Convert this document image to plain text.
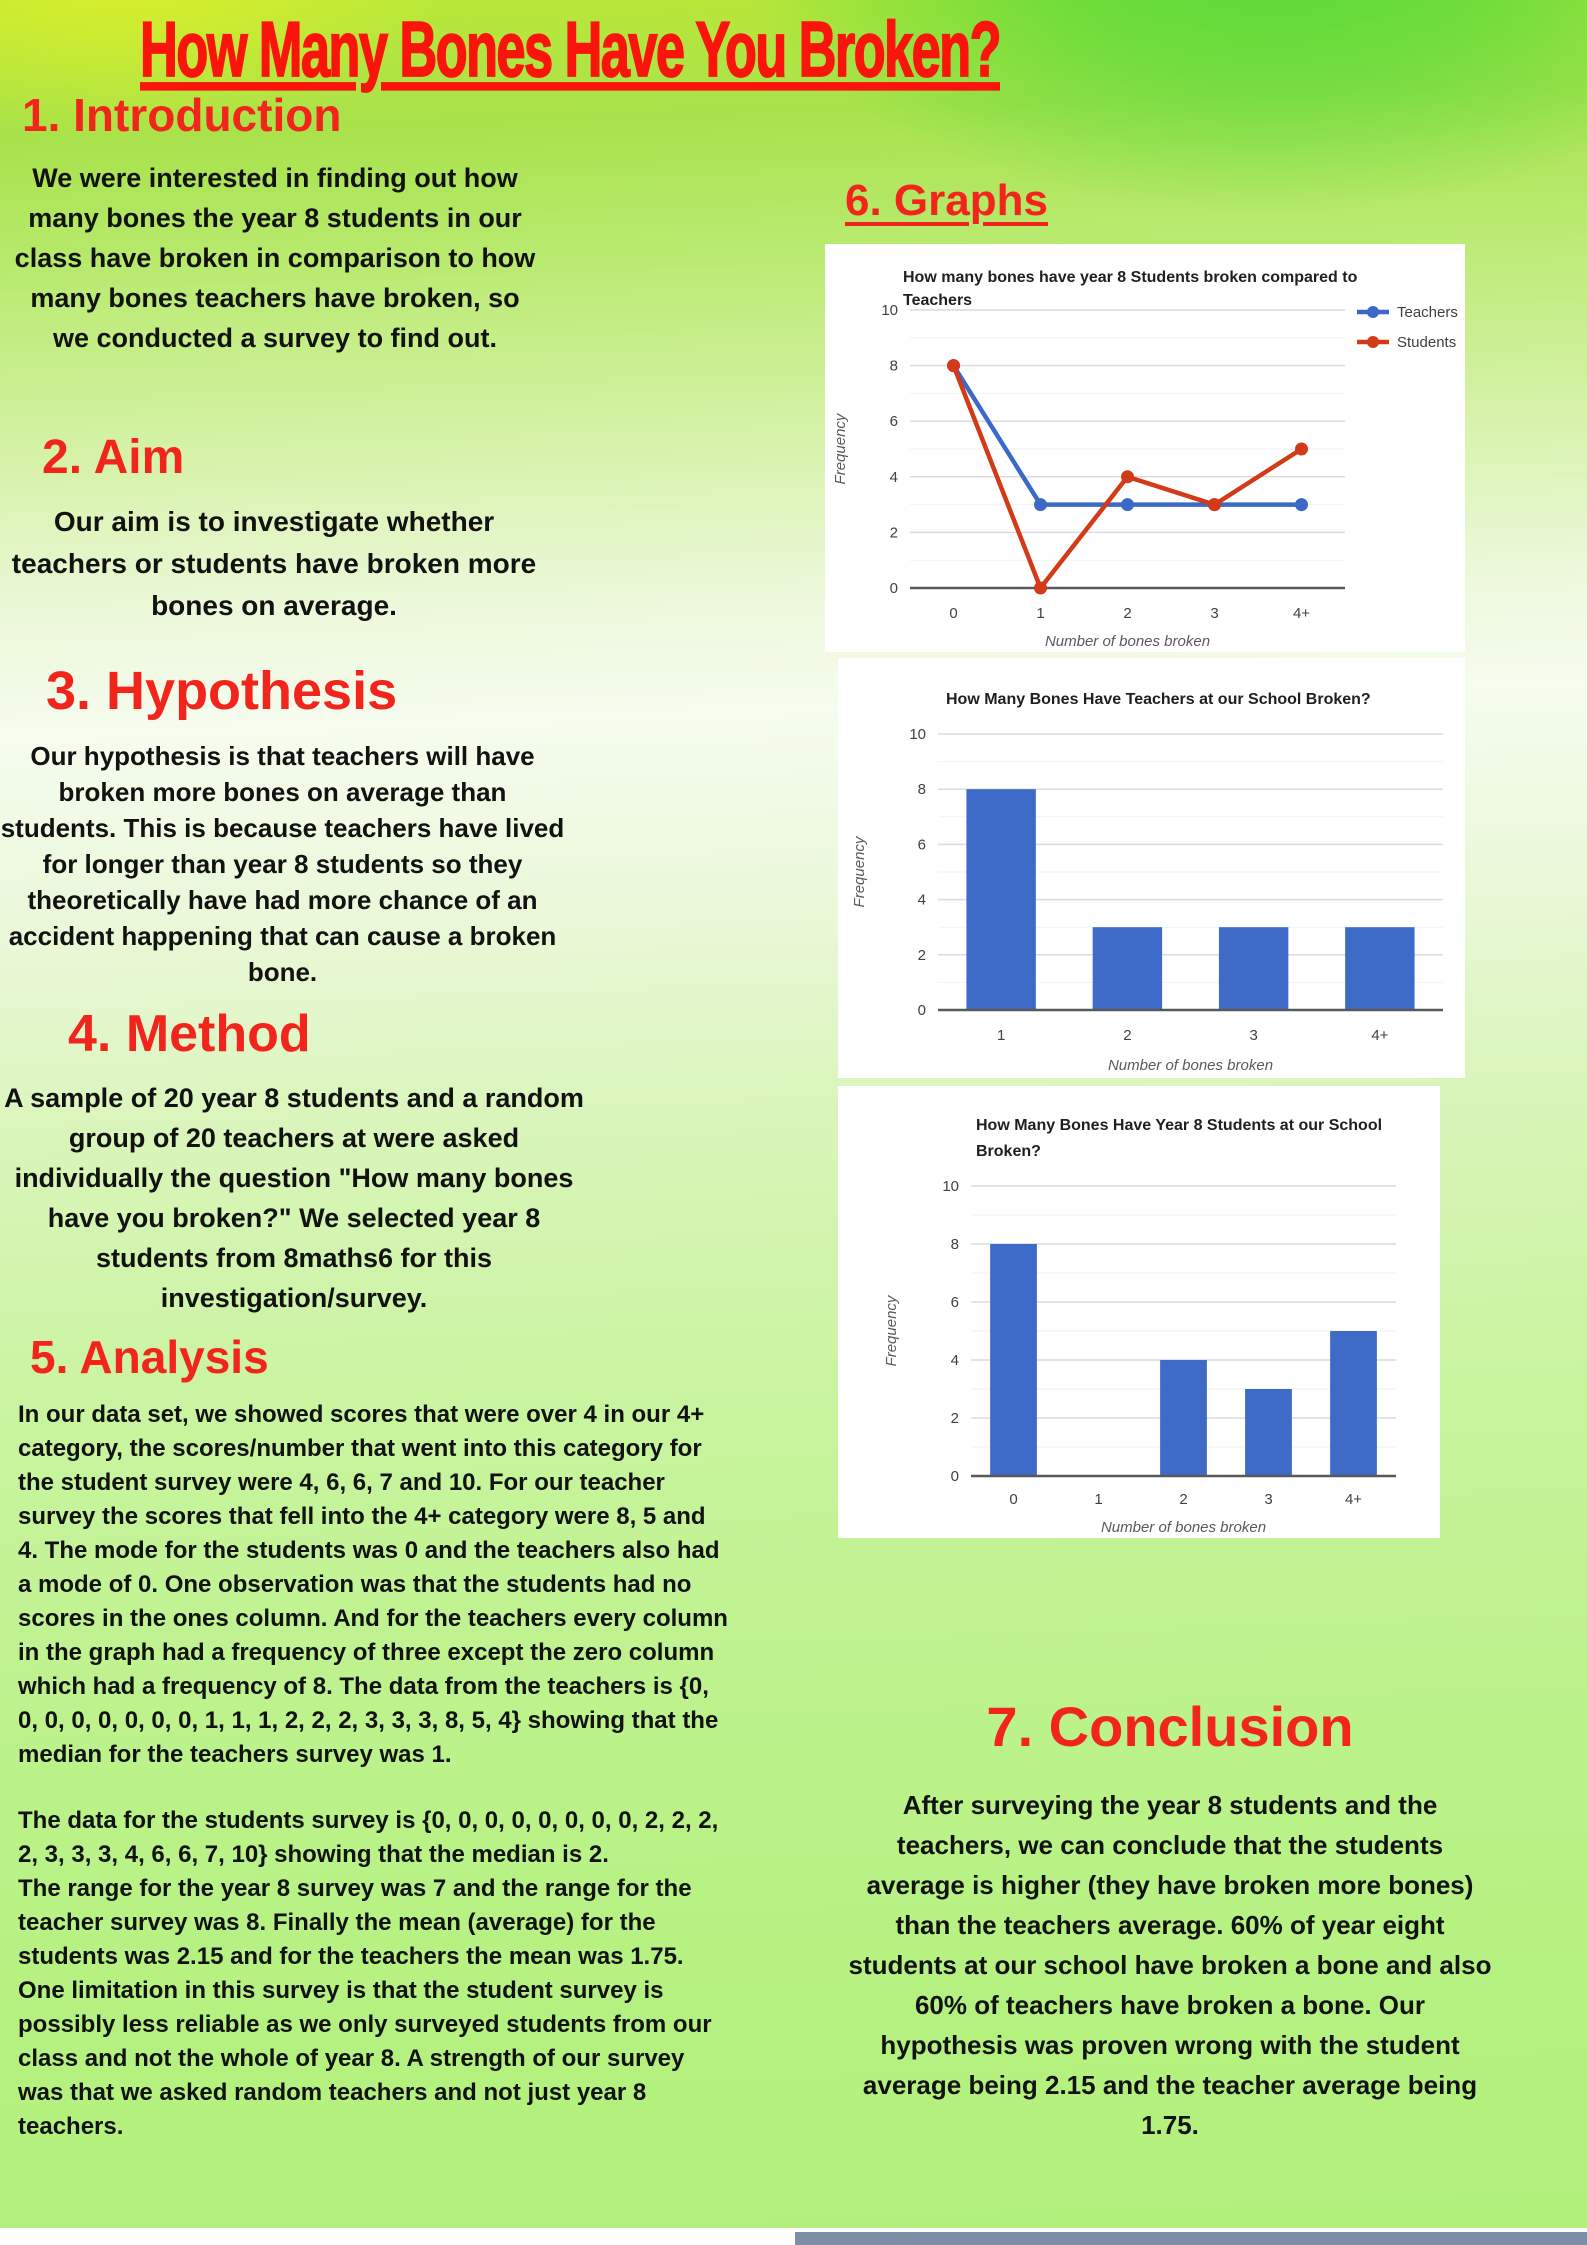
How Many Bones Have You Broken?
1. Introduction

We were interested in finding out how many bones the year 8 students in our class have broken in comparison to how many bones teachers have broken, so we conducted a survey to find out.

2. Aim

Our aim is to investigate whether teachers or students have broken more bones on average.

3. Hypothesis

Our hypothesis is that teachers will have broken more bones on average than students. This is because teachers have lived for longer than year 8 students so they theoretically have had more chance of an accident happening that can cause a broken bone.

4. Method

A sample of 20 year 8 students and a random group of 20 teachers at were asked individually the question "How many bones have you broken?" We selected year 8 students from 8maths6 for this investigation/survey.

5. Analysis

In our data set, we showed scores that were over 4 in our 4+ category, the scores/number that went into this category for the student survey were 4, 6, 6, 7 and 10. For our teacher survey the scores that fell into the 4+ category were 8, 5 and 4. The mode for the students was 0 and the teachers also had a mode of 0. One observation was that the students had no scores in the ones column. And for the teachers every column in the graph had a frequency of three except the zero column which had a frequency of 8. The data from the teachers is {0, 0, 0, 0, 0, 0, 0, 0, 1, 1, 1, 2, 2, 2, 3, 3, 3, 8, 5, 4} showing that the median for the teachers survey was 1.

The data for the students survey is {0, 0, 0, 0, 0, 0, 0, 0, 2, 2, 2, 2, 3, 3, 3, 4, 6, 6, 7, 10} showing that the median is 2.

The range for the year 8 survey was 7 and the range for the teacher survey was 8. Finally the mean (average) for the students was 2.15 and for the teachers the mean was 1.75. One limitation in this survey is that the student survey is possibly less reliable as we only surveyed students from our class and not the whole of year 8. A strength of our survey was that we asked random teachers and not just year 8 teachers.

6. Graphs
How many bones have year 8 Students broken compared to
Teachers
0
2
4
6
8
10
0	1	2	3	4+
Number of bones broken
Frequency
Teachers
Students
How Many Bones Have Teachers at our School Broken?
0
2
4
6
8
10
1	2	3	4+
Number of bones broken
Frequency
How Many Bones Have Year 8 Students at our School
Broken?
0
2
4
6
8
10
0	1	2	3	4+
Number of bones broken
Frequency
7. Conclusion

After surveying the year 8 students and the teachers, we can conclude that the students average is higher (they have broken more bones) than the teachers average. 60% of year eight students at our school have broken a bone and also 60% of teachers have broken a bone. Our hypothesis was proven wrong with the student average being 2.15 and the teacher average being 1.75.
